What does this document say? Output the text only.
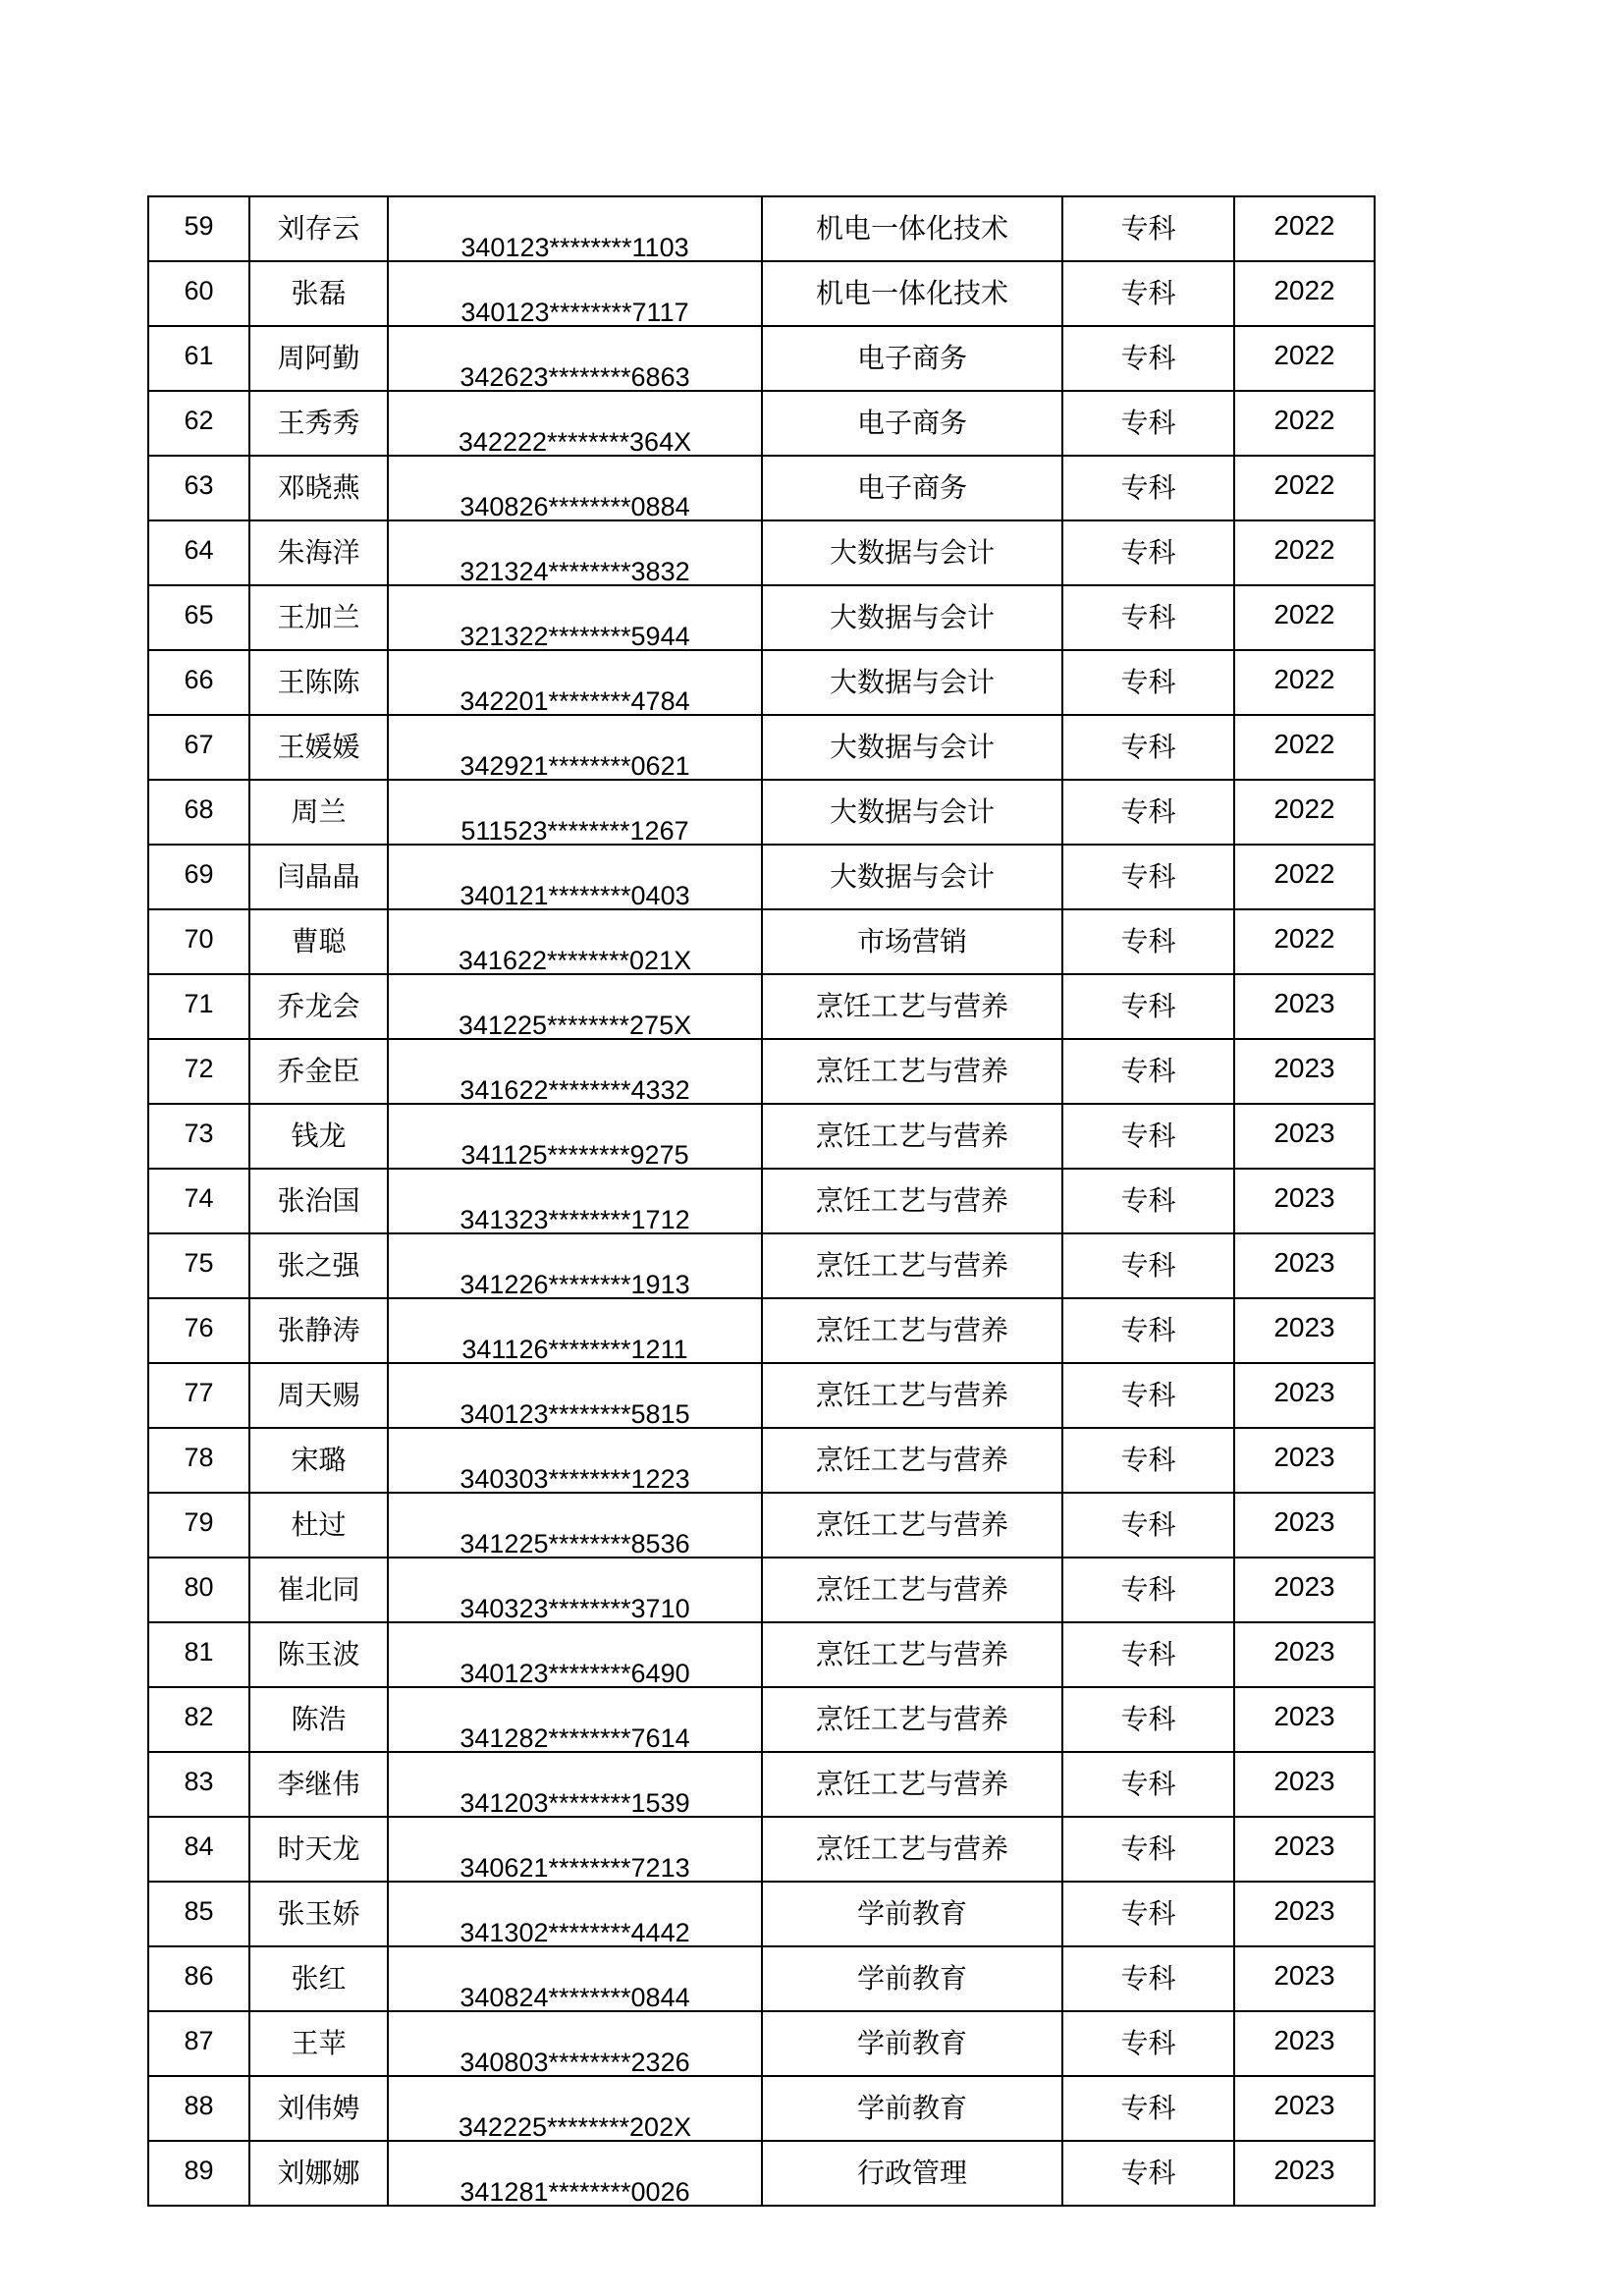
59	刘存云	340123********1103	机电一体化技术	专科	2022
60	张磊	340123********7117	机电一体化技术	专科	2022
61	周阿勤	342623********6863	电子商务	专科	2022
62	王秀秀	342222********364X	电子商务	专科	2022
63	邓晓燕	340826********0884	电子商务	专科	2022
64	朱海洋	321324********3832	大数据与会计	专科	2022
65	王加兰	321322********5944	大数据与会计	专科	2022
66	王陈陈	342201********4784	大数据与会计	专科	2022
67	王媛媛	342921********0621	大数据与会计	专科	2022
68	周兰	511523********1267	大数据与会计	专科	2022
69	闫晶晶	340121********0403	大数据与会计	专科	2022
70	曹聪	341622********021X	市场营销	专科	2022
71	乔龙会	341225********275X	烹饪工艺与营养	专科	2023
72	乔金臣	341622********4332	烹饪工艺与营养	专科	2023
73	钱龙	341125********9275	烹饪工艺与营养	专科	2023
74	张治国	341323********1712	烹饪工艺与营养	专科	2023
75	张之强	341226********1913	烹饪工艺与营养	专科	2023
76	张静涛	341126********1211	烹饪工艺与营养	专科	2023
77	周天赐	340123********5815	烹饪工艺与营养	专科	2023
78	宋璐	340303********1223	烹饪工艺与营养	专科	2023
79	杜过	341225********8536	烹饪工艺与营养	专科	2023
80	崔北同	340323********3710	烹饪工艺与营养	专科	2023
81	陈玉波	340123********6490	烹饪工艺与营养	专科	2023
82	陈浩	341282********7614	烹饪工艺与营养	专科	2023
83	李继伟	341203********1539	烹饪工艺与营养	专科	2023
84	时天龙	340621********7213	烹饪工艺与营养	专科	2023
85	张玉娇	341302********4442	学前教育	专科	2023
86	张红	340824********0844	学前教育	专科	2023
87	王苹	340803********2326	学前教育	专科	2023
88	刘伟娉	342225********202X	学前教育	专科	2023
89	刘娜娜	341281********0026	行政管理	专科	2023
